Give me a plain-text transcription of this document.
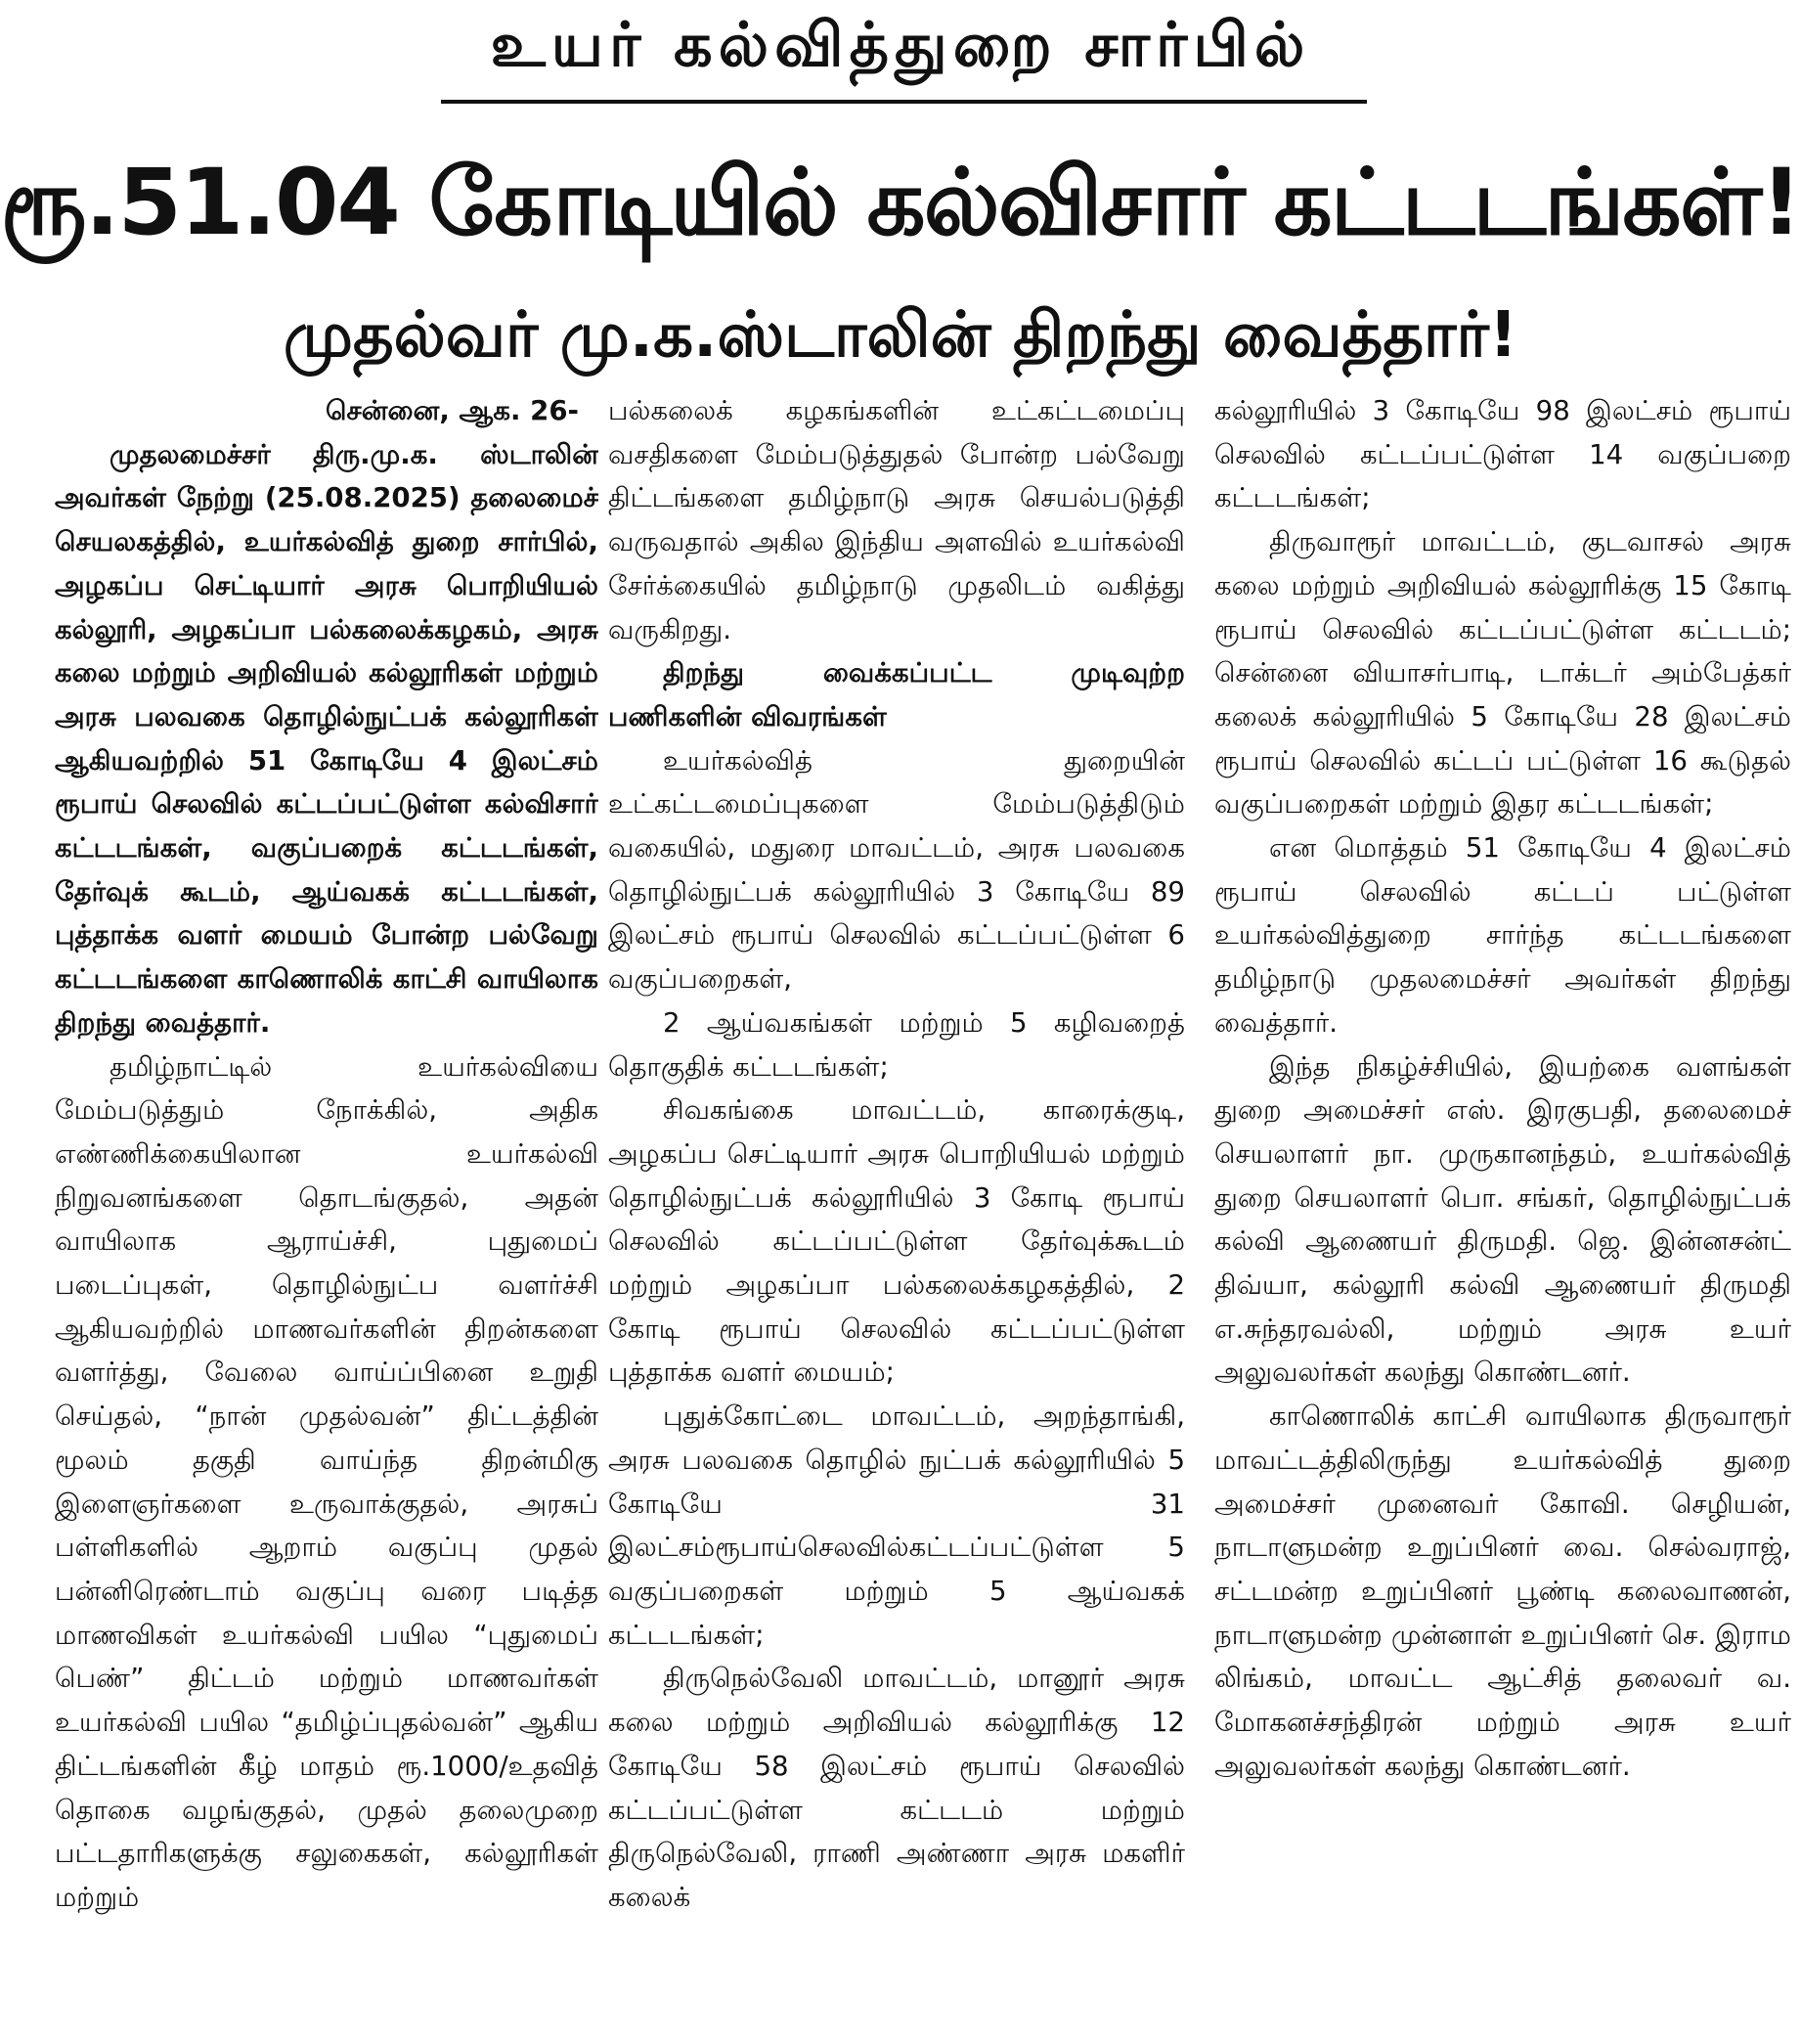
உயர் கல்வித்துறை சார்பில்
ரூ.51.04 கோடியில் கல்விசார் கட்டடங்கள்!
முதல்வர் மு.க.ஸ்டாலின் திறந்து வைத்தார்!

சென்னை, ஆக. 26-

முதலமைச்சர் திரு.மு.க. ஸ்டாலின் அவர்கள் நேற்று (25.08.2025) தலைமைச் செயலகத்தில், உயர்கல்வித் துறை சார்பில், அழகப்ப செட்டியார் அரசு பொறியியல் கல்லூரி, அழகப்பா பல்கலைக்கழகம், அரசு கலை மற்றும் அறிவியல் கல்லூரிகள் மற்றும் அரசு பலவகை தொழில்நுட்பக் கல்லூரிகள் ஆகியவற்றில் 51 கோடியே 4 இலட்சம் ரூபாய் செலவில் கட்டப்பட்டுள்ள கல்விசார் கட்டடங்கள், வகுப்பறைக் கட்டடங்கள், தேர்வுக் கூடம், ஆய்வகக் கட்டடங்கள், புத்தாக்க வளர் மையம் போன்ற பல்வேறு கட்டடங்களை காணொலிக் காட்சி வாயிலாக திறந்து வைத்தார்.

தமிழ்நாட்டில் உயர்கல்வியை மேம்படுத்தும் நோக்கில், அதிக எண்ணிக்கையிலான உயர்கல்வி நிறுவனங்களை தொடங்குதல், அதன் வாயிலாக ஆராய்ச்சி, புதுமைப் படைப்புகள், தொழில்நுட்ப வளர்ச்சி ஆகியவற்றில் மாணவர்களின் திறன்களை வளர்த்து, வேலை வாய்ப்பினை உறுதி செய்தல், “நான் முதல்வன்” திட்டத்தின் மூலம் தகுதி வாய்ந்த திறன்மிகு இளைஞர்களை உருவாக்குதல், அரசுப் பள்ளிகளில் ஆறாம் வகுப்பு முதல் பன்னிரெண்டாம் வகுப்பு வரை படித்த மாணவிகள் உயர்கல்வி பயில “புதுமைப் பெண்” திட்டம் மற்றும் மாணவர்கள் உயர்கல்வி பயில “தமிழ்ப்புதல்வன்” ஆகிய திட்டங்களின் கீழ் மாதம் ரூ.1000/உதவித் தொகை வழங்குதல், முதல் தலைமுறை பட்டதாரிகளுக்கு சலுகைகள், கல்லூரிகள் மற்றும்

பல்கலைக் கழகங்களின் உட்கட்டமைப்பு வசதிகளை மேம்படுத்துதல் போன்ற பல்வேறு திட்டங்களை தமிழ்நாடு அரசு செயல்படுத்தி வருவதால் அகில இந்திய அளவில் உயர்கல்வி சேர்க்கையில் தமிழ்நாடு முதலிடம் வகித்து வருகிறது.

திறந்து வைக்கப்பட்ட முடிவுற்ற பணிகளின் விவரங்கள்

உயர்கல்வித் துறையின் உட்கட்டமைப்புகளை மேம்படுத்திடும் வகையில், மதுரை மாவட்டம், அரசு பலவகை தொழில்நுட்பக் கல்லூரியில் 3 கோடியே 89 இலட்சம் ரூபாய் செலவில் கட்டப்பட்டுள்ள 6 வகுப்பறைகள்,

2 ஆய்வகங்கள் மற்றும் 5 கழிவறைத் தொகுதிக் கட்டடங்கள்;

சிவகங்கை மாவட்டம், காரைக்குடி, அழகப்ப செட்டியார் அரசு பொறியியல் மற்றும் தொழில்நுட்பக் கல்லூரியில் 3 கோடி ரூபாய் செலவில் கட்டப்பட்டுள்ள தேர்வுக்கூடம் மற்றும் அழகப்பா பல்கலைக்கழகத்தில், 2 கோடி ரூபாய் செலவில் கட்டப்பட்டுள்ள புத்தாக்க வளர் மையம்;

புதுக்கோட்டை மாவட்டம், அறந்தாங்கி, அரசு பலவகை தொழில் நுட்பக் கல்லூரியில் 5 கோடியே 31 இலட்சம்ரூபாய்செலவில்கட்டப்பட்டுள்ள 5 வகுப்பறைகள் மற்றும் 5 ஆய்வகக் கட்டடங்கள்;

திருநெல்வேலி மாவட்டம், மானூர் அரசு கலை மற்றும் அறிவியல் கல்லூரிக்கு 12 கோடியே 58 இலட்சம் ரூபாய் செலவில் கட்டப்பட்டுள்ள கட்டடம் மற்றும் திருநெல்வேலி, ராணி அண்ணா அரசு மகளிர் கலைக்

கல்லூரியில் 3 கோடியே 98 இலட்சம் ரூபாய் செலவில் கட்டப்பட்டுள்ள 14 வகுப்பறை கட்டடங்கள்;

திருவாரூர் மாவட்டம், குடவாசல் அரசு கலை மற்றும் அறிவியல் கல்லூரிக்கு 15 கோடி ரூபாய் செலவில் கட்டப்பட்டுள்ள கட்டடம்; சென்னை வியாசர்பாடி, டாக்டர் அம்பேத்கர் கலைக் கல்லூரியில் 5 கோடியே 28 இலட்சம் ரூபாய் செலவில் கட்டப் பட்டுள்ள 16 கூடுதல் வகுப்பறைகள் மற்றும் இதர கட்டடங்கள்;

என மொத்தம் 51 கோடியே 4 இலட்சம் ரூபாய் செலவில் கட்டப் பட்டுள்ள உயர்கல்வித்துறை சார்ந்த கட்டடங்களை தமிழ்நாடு முதலமைச்சர் அவர்கள் திறந்து வைத்தார்.

இந்த நிகழ்ச்சியில், இயற்கை வளங்கள் துறை அமைச்சர் எஸ். இரகுபதி, தலைமைச் செயலாளர் நா. முருகானந்தம், உயர்கல்வித் துறை செயலாளர் பொ. சங்கர், தொழில்நுட்பக் கல்வி ஆணையர் திருமதி. ஜெ. இன்னசன்ட் திவ்யா, கல்லூரி கல்வி ஆணையர் திருமதி எ.சுந்தரவல்லி, மற்றும் அரசு உயர் அலுவலர்கள் கலந்து கொண்டனர்.

காணொலிக் காட்சி வாயிலாக திருவாரூர் மாவட்டத்திலிருந்து உயர்கல்வித் துறை அமைச்சர் முனைவர் கோவி. செழியன், நாடாளுமன்ற உறுப்பினர் வை. செல்வராஜ், சட்டமன்ற உறுப்பினர் பூண்டி கலைவாணன், நாடாளுமன்ற முன்னாள் உறுப்பினர் செ. இராம லிங்கம், மாவட்ட ஆட்சித் தலைவர் வ. மோகனச்சந்திரன் மற்றும் அரசு உயர் அலுவலர்கள் கலந்து கொண்டனர்.
